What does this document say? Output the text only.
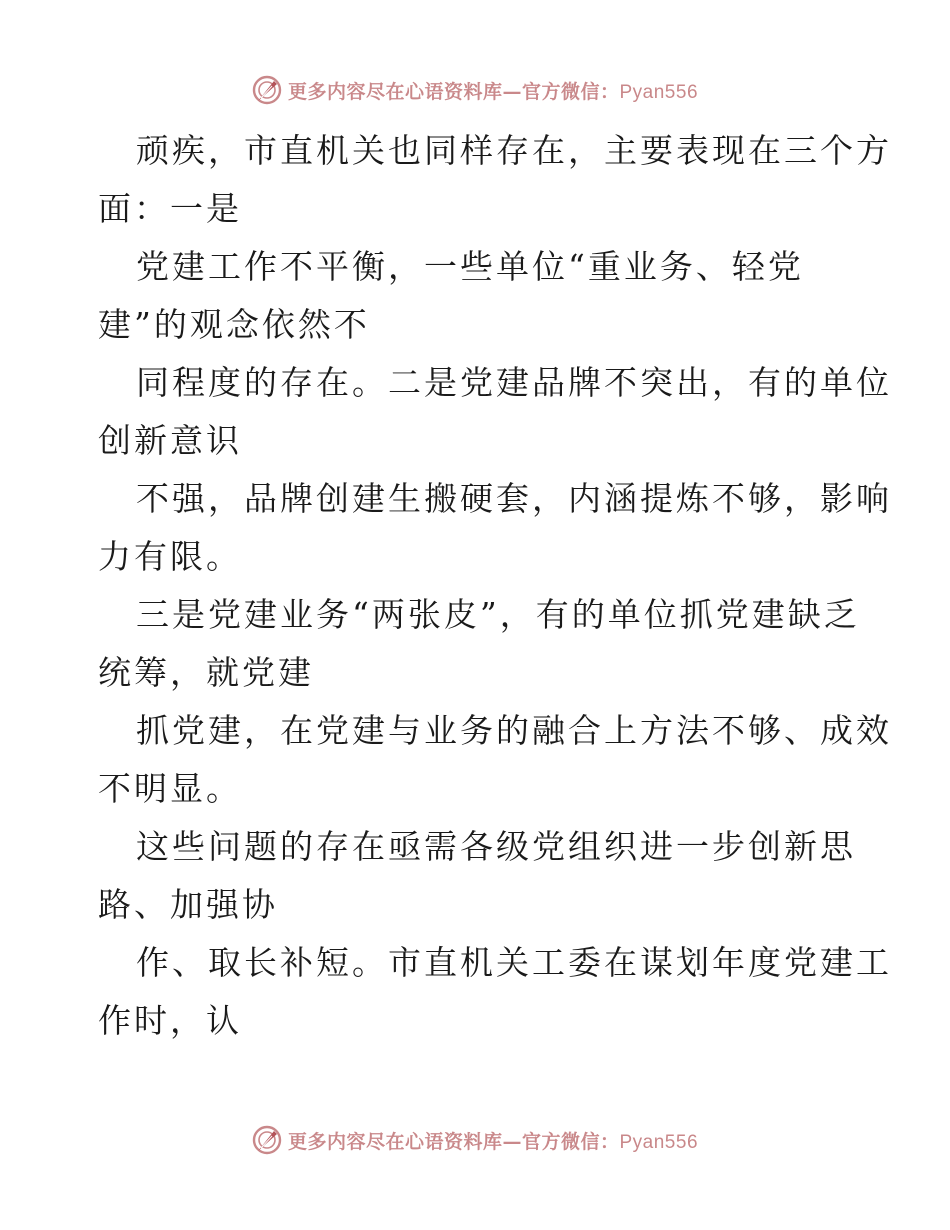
更多内容尽在心语资料库—官方微信：Pyan556
顽疾，市直机关也同样存在，主要表现在三个方
面：一是
党建工作不平衡，一些单位“重业务、轻党
建”的观念依然不
同程度的存在。二是党建品牌不突出，有的单位
创新意识
不强，品牌创建生搬硬套，内涵提炼不够，影响
力有限。
三是党建业务“两张皮”，有的单位抓党建缺乏
统筹，就党建
抓党建，在党建与业务的融合上方法不够、成效
不明显。
这些问题的存在亟需各级党组织进一步创新思
路、加强协
作、取长补短。市直机关工委在谋划年度党建工
作时，认
更多内容尽在心语资料库—官方微信：Pyan556
